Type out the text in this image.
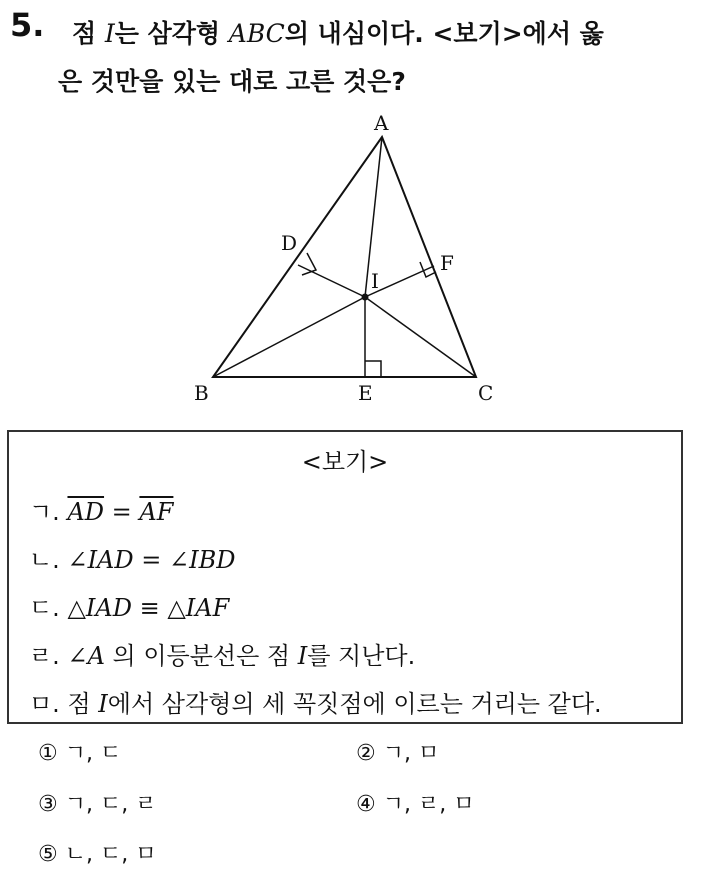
5. 점 I는 삼각형 ABC의 내심이다. <보기>에서 옳
은 것만을 있는 대로 고른 것은?
A
B	C
D
E
F
I
<보기>
ㄱ. $\overline{AD} = \overline{AF}$
ㄴ. ∠IAD = ∠IBD
ㄷ. △IAD ≡ △IAF
ㄹ. ∠A 의 이등분선은 점 I를 지난다.
ㅁ. 점 I에서 삼각형의 세 꼭짓점에 이르는 거리는 같다.
① ㄱ, ㄷ	② ㄱ, ㅁ
③ ㄱ, ㄷ, ㄹ	④ ㄱ, ㄹ, ㅁ
⑤ ㄴ, ㄷ, ㅁ
